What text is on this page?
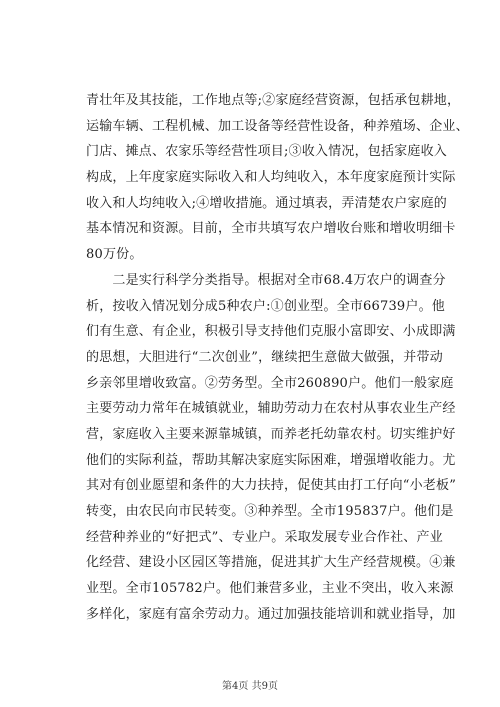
青壮年及其技能，工作地点等;②家庭经营资源，包括承包耕地，
运输车辆、工程机械、加工设备等经营性设备，种养殖场、企业、
门店、摊点、农家乐等经营性项目;③收入情况，包括家庭收入
构成，上年度家庭实际收入和人均纯收入，本年度家庭预计实际
收入和人均纯收入;④增收措施。通过填表，弄清楚农户家庭的
基本情况和资源。目前，全市共填写农户增收台账和增收明细卡
80万份。
　　二是实行科学分类指导。根据对全市68.4万农户的调查分
析，按收入情况划分成5种农户:①创业型。全市66739户。他
们有生意、有企业，积极引导支持他们克服小富即安、小成即满
的思想，大胆进行“二次创业”，继续把生意做大做强，并带动
乡亲邻里增收致富。②劳务型。全市260890户。他们一般家庭
主要劳动力常年在城镇就业，辅助劳动力在农村从事农业生产经
营，家庭收入主要来源靠城镇，而养老托幼靠农村。切实维护好
他们的实际利益，帮助其解决家庭实际困难，增强增收能力。尤
其对有创业愿望和条件的大力扶持，促使其由打工仔向“小老板”
转变，由农民向市民转变。③种养型。全市195837户。他们是
经营种养业的“好把式”、专业户。采取发展专业合作社、产业
化经营、建设小区园区等措施，促进其扩大生产经营规模。④兼
业型。全市105782户。他们兼营多业，主业不突出，收入来源
多样化，家庭有富余劳动力。通过加强技能培训和就业指导，加
第4页 共9页
